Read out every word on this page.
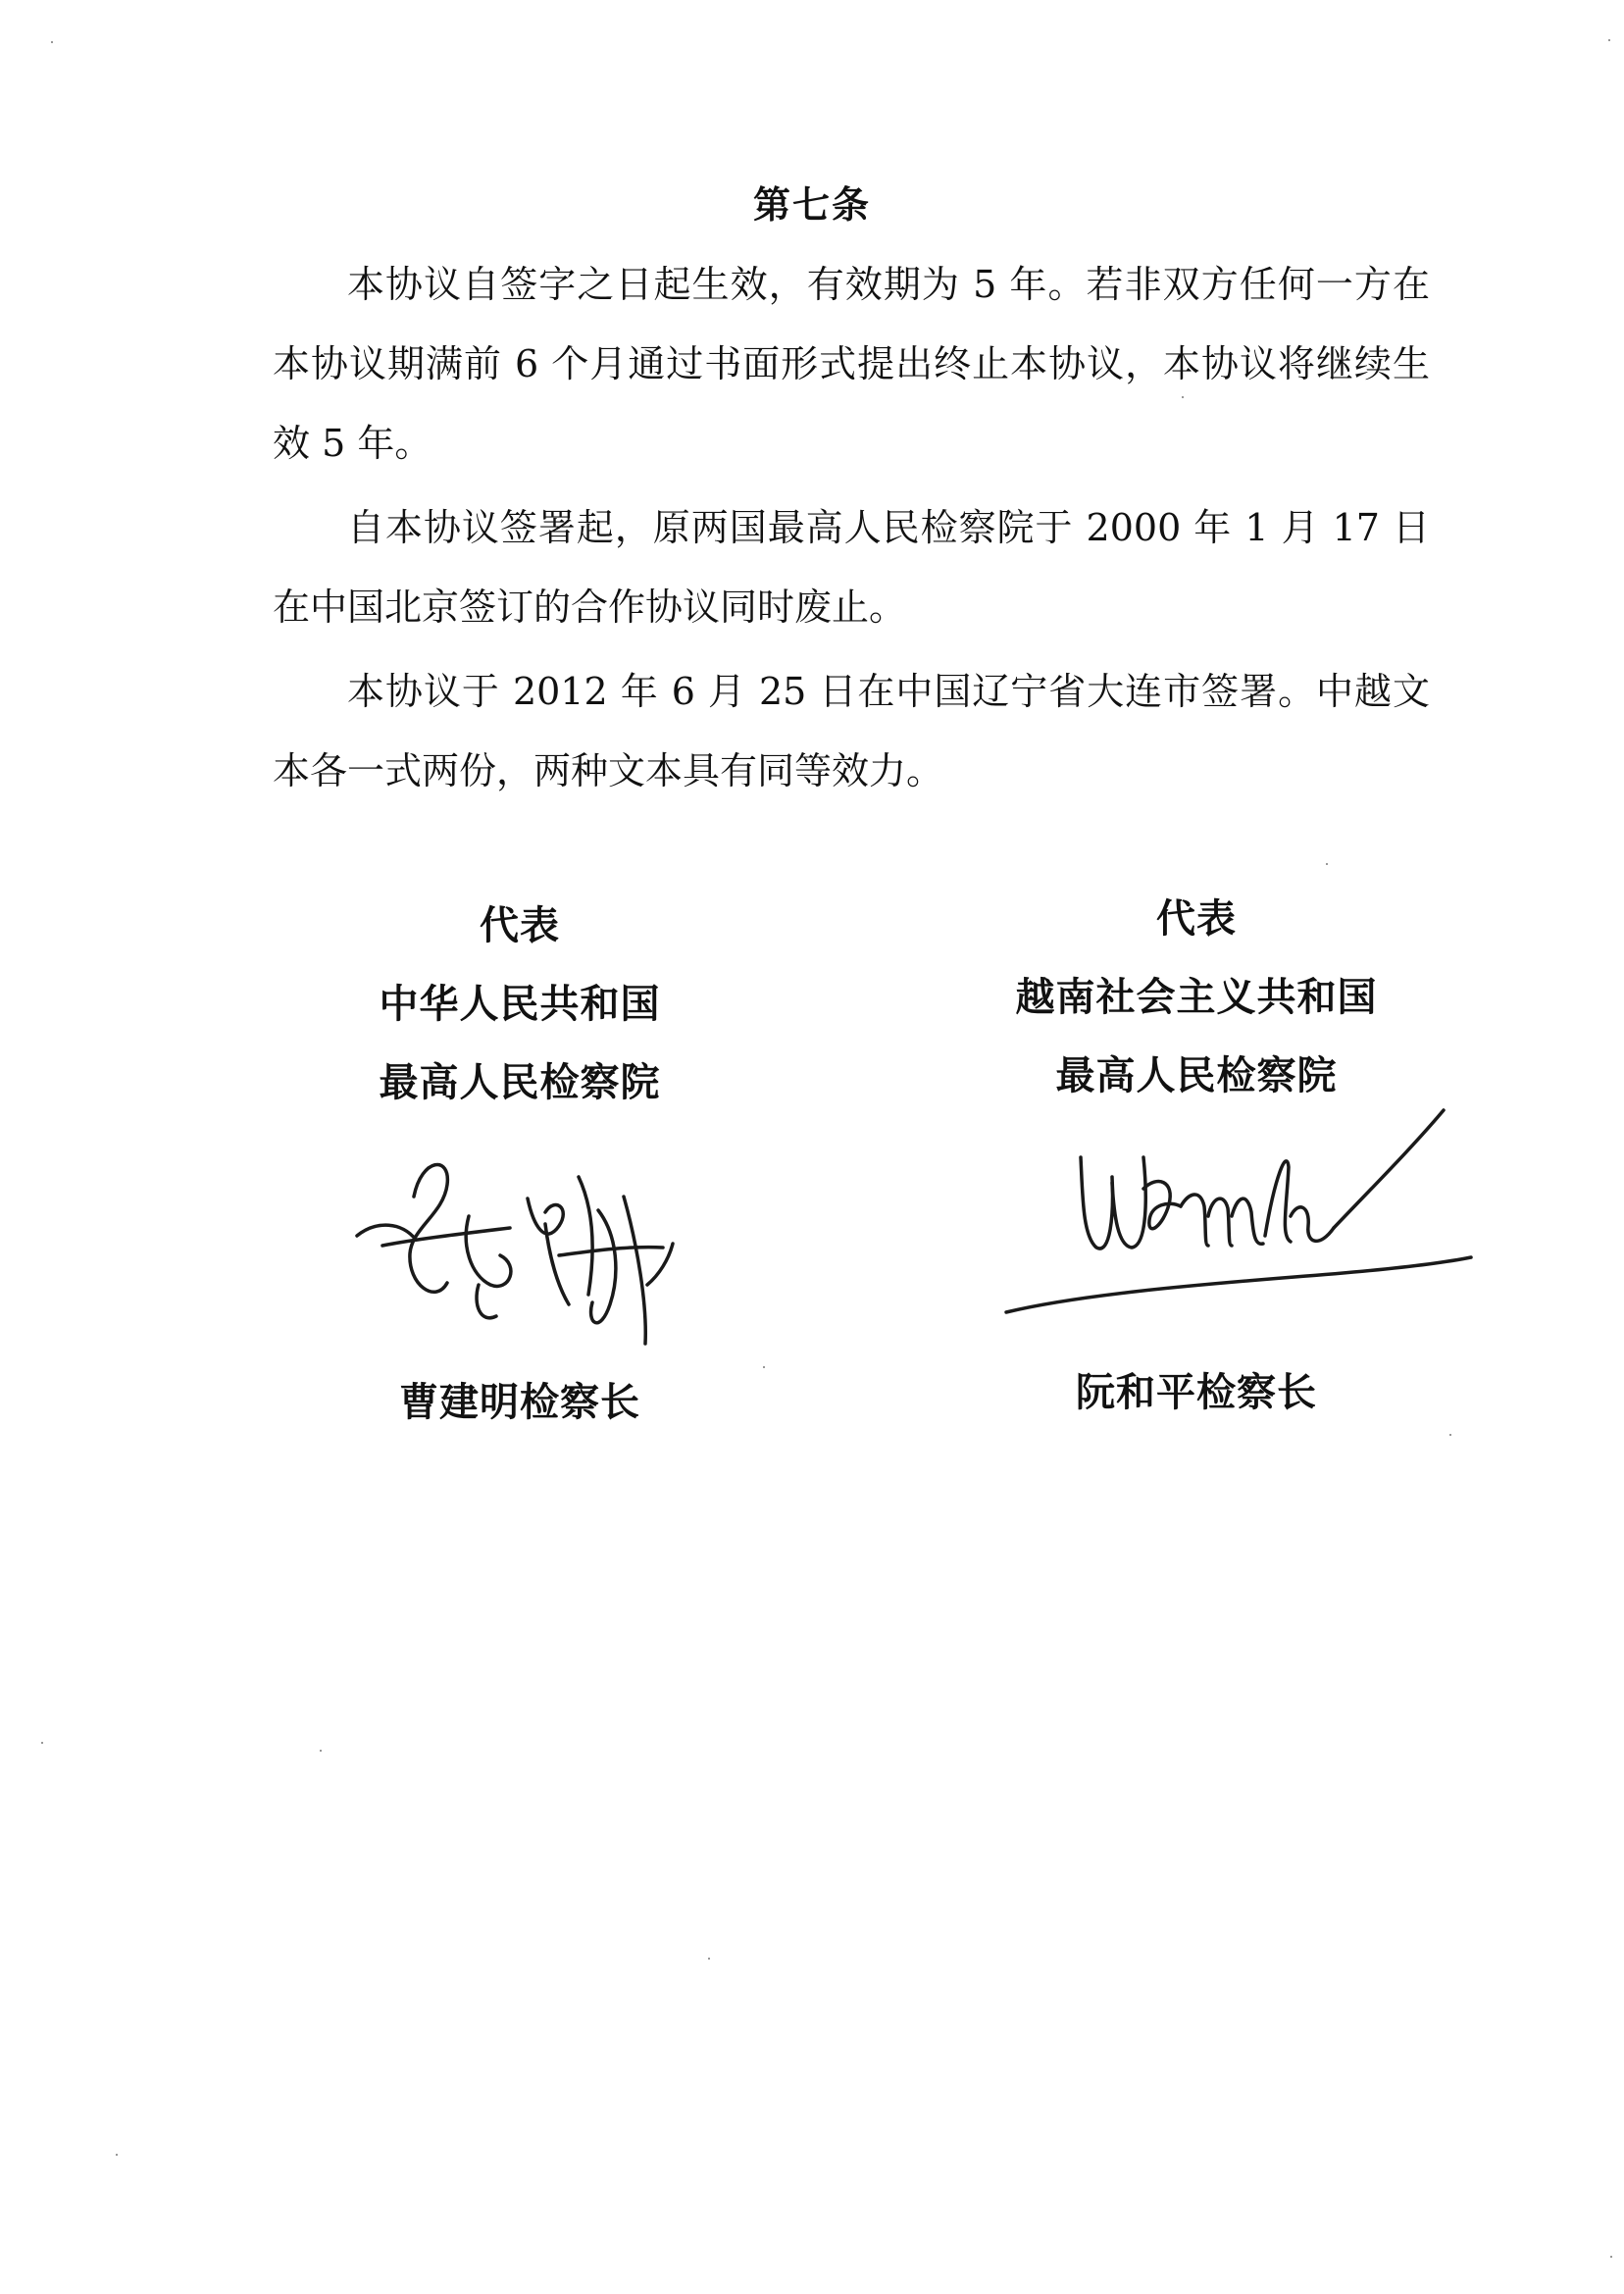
第七条

本协议自签字之日起生效，有效期为 5 年。若非双方任何一方在本协议期满前 6 个月通过书面形式提出终止本协议，本协议将继续生效 5 年。

自本协议签署起，原两国最高人民检察院于 2000 年 1 月 17 日在中国北京签订的合作协议同时废止。

本协议于 2012 年 6 月 25 日在中国辽宁省大连市签署。中越文本各一式两份，两种文本具有同等效力。

代表
中华人民共和国
最高人民检察院
曹建明检察长
代表
越南社会主义共和国
最高人民检察院
阮和平检察长
